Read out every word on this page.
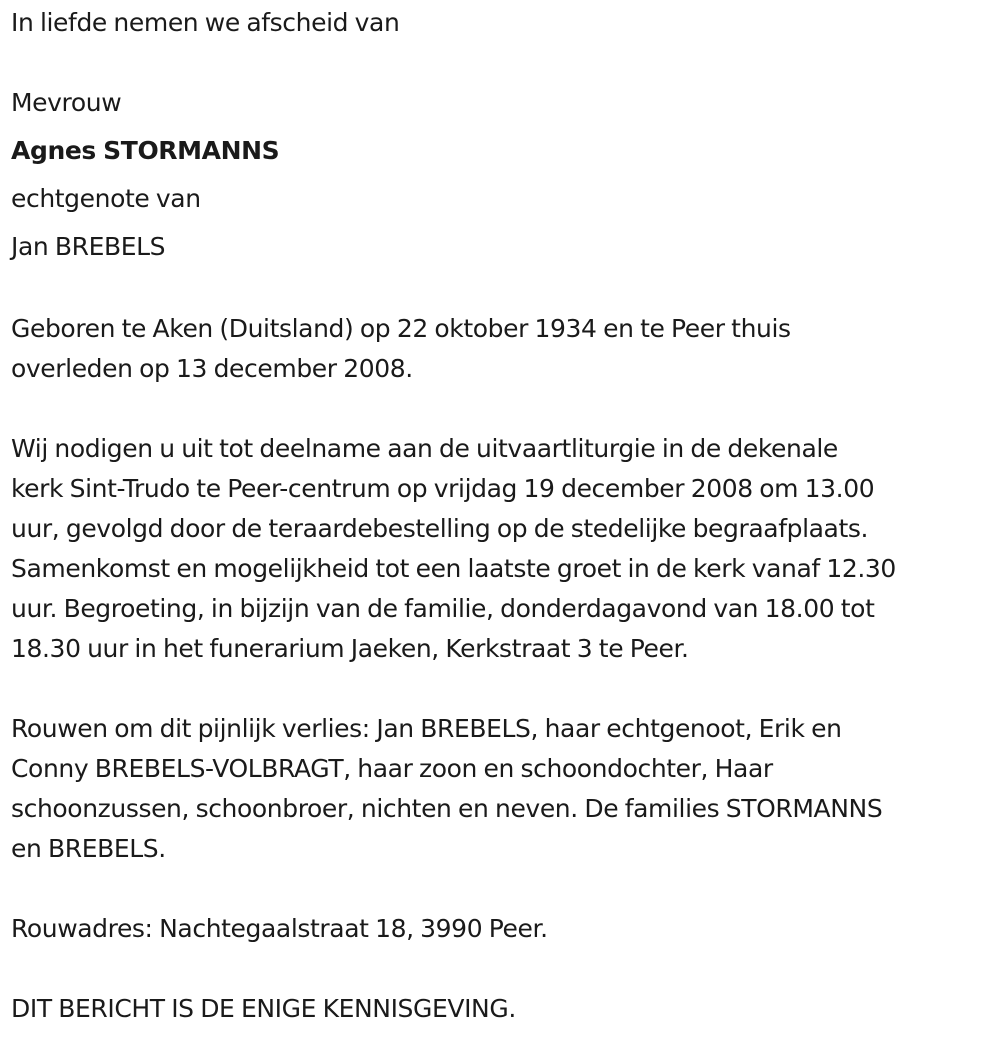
In liefde nemen we afscheid van
Mevrouw
Agnes STORMANNS
echtgenote van
Jan BREBELS
Geboren te Aken (Duitsland) op 22 oktober 1934 en te Peer thuis
overleden op 13 december 2008.
Wij nodigen u uit tot deelname aan de uitvaartliturgie in de dekenale
kerk Sint-Trudo te Peer-centrum op vrijdag 19 december 2008 om 13.00
uur, gevolgd door de teraardebestelling op de stedelijke begraafplaats.
Samenkomst en mogelijkheid tot een laatste groet in de kerk vanaf 12.30
uur. Begroeting, in bijzijn van de familie, donderdagavond van 18.00 tot
18.30 uur in het funerarium Jaeken, Kerkstraat 3 te Peer.
Rouwen om dit pijnlijk verlies: Jan BREBELS, haar echtgenoot, Erik en
Conny BREBELS-VOLBRAGT, haar zoon en schoondochter, Haar
schoonzussen, schoonbroer, nichten en neven. De families STORMANNS
en BREBELS.
Rouwadres: Nachtegaalstraat 18, 3990 Peer.
DIT BERICHT IS DE ENIGE KENNISGEVING.
